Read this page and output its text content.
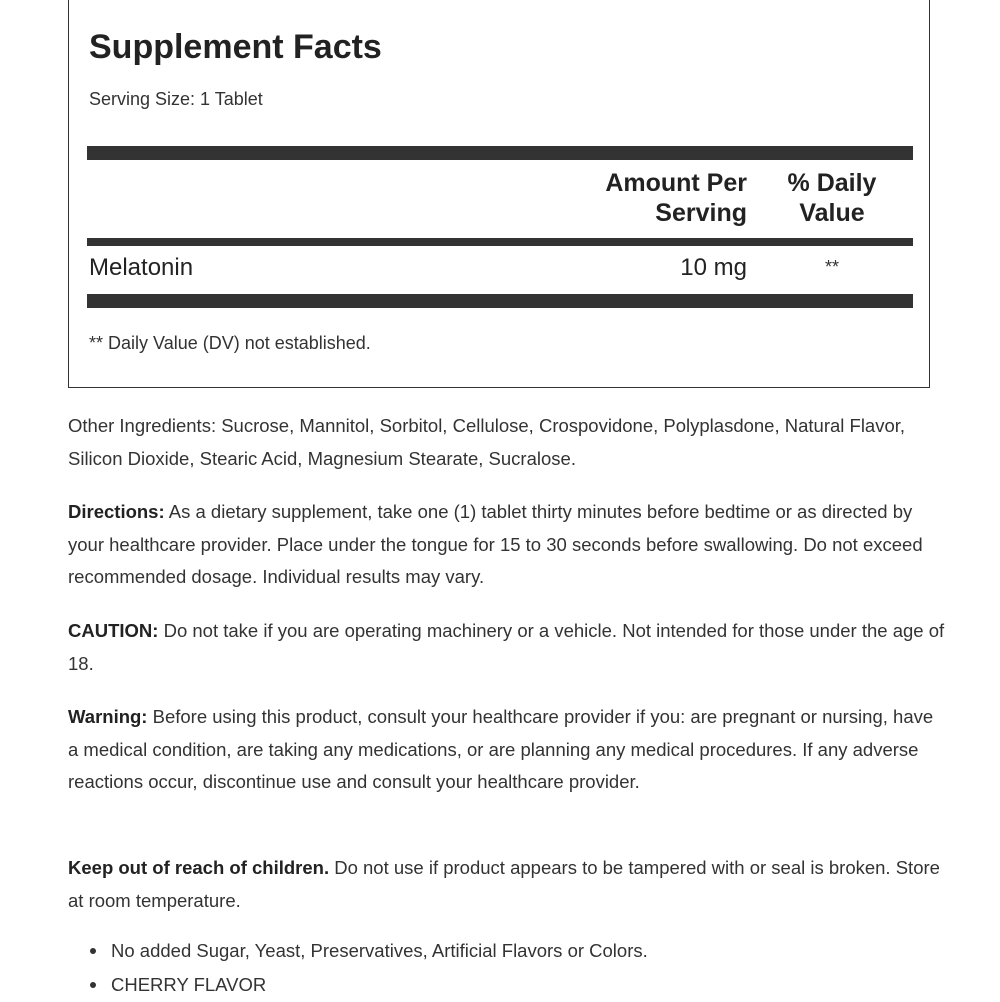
Supplement Facts
Serving Size: 1 Tablet
Amount Per
Serving
% Daily
Value
Melatonin	10 mg	**
** Daily Value (DV) not established.

Other Ingredients: Sucrose, Mannitol, Sorbitol, Cellulose, Crospovidone, Polyplasdone, Natural Flavor, Silicon Dioxide, Stearic Acid, Magnesium Stearate, Sucralose.

Directions: As a dietary supplement, take one (1) tablet thirty minutes before bedtime or as directed by your healthcare provider. Place under the tongue for 15 to 30 seconds before swallowing. Do not exceed recommended dosage. Individual results may vary.

CAUTION: Do not take if you are operating machinery or a vehicle. Not intended for those under the age of 18.

Warning: Before using this product, consult your healthcare provider if you: are pregnant or nursing, have a medical condition, are taking any medications, or are planning any medical procedures. If any adverse reactions occur, discontinue use and consult your healthcare provider.

Keep out of reach of children. Do not use if product appears to be tampered with or seal is broken. Store at room temperature.

No added Sugar, Yeast, Preservatives, Artificial Flavors or Colors.
CHERRY FLAVOR
